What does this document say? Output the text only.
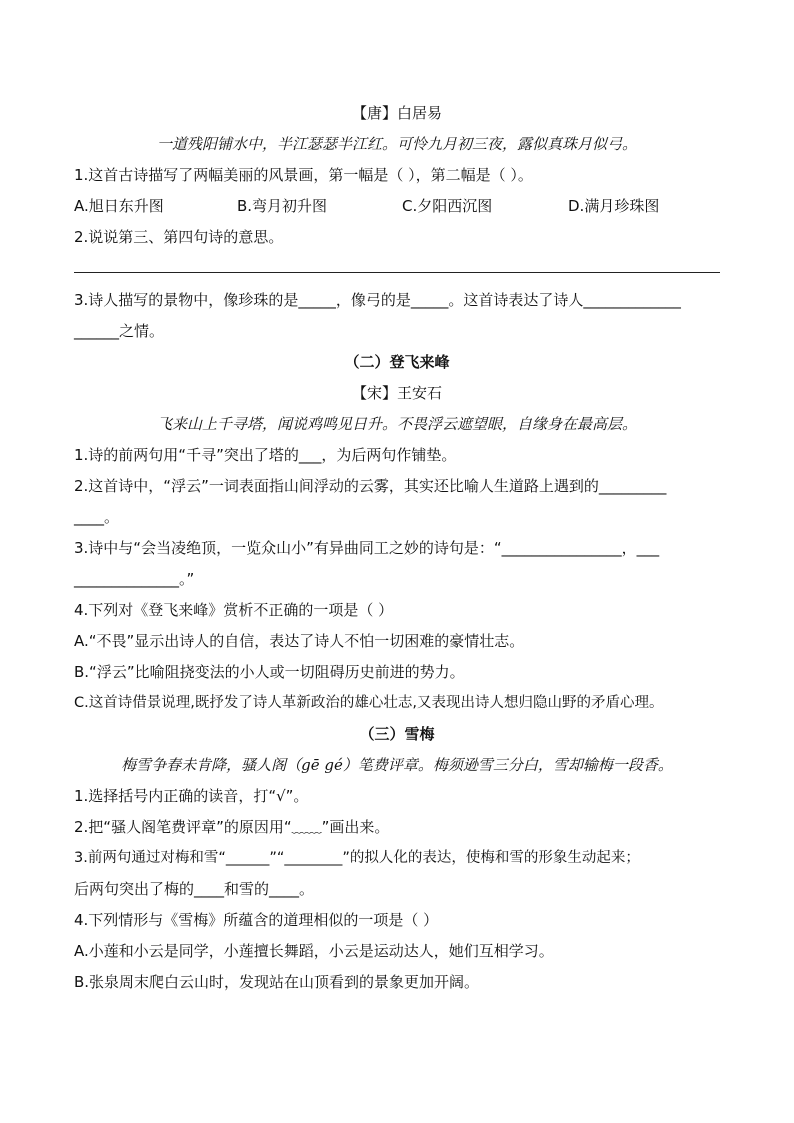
【唐】白居易
一道残阳铺水中，半江瑟瑟半江红。可怜九月初三夜，露似真珠月似弓。
1.这首古诗描写了两幅美丽的风景画，第一幅是（ ），第二幅是（ ）。
A.旭日东升图	B.弯月初升图	C.夕阳西沉图	D.满月珍珠图
2.说说第三、第四句诗的意思。
3.诗人描写的景物中，像珍珠的是_____，像弓的是_____。这首诗表达了诗人_____________
______之情。
（二）登飞来峰
【宋】王安石
飞来山上千寻塔，闻说鸡鸣见日升。不畏浮云遮望眼，自缘身在最高层。
1.诗的前两句用“千寻”突出了塔的___，为后两句作铺垫。
2.这首诗中，“浮云”一词表面指山间浮动的云雾，其实还比喻人生道路上遇到的_________
____。
3.诗中与“会当凌绝顶，一览众山小”有异曲同工之妙的诗句是：“________________，___
______________。”
4.下列对《登飞来峰》赏析不正确的一项是（ ）
A.“不畏”显示出诗人的自信，表达了诗人不怕一切困难的豪情壮志。
B.“浮云”比喻阻挠变法的小人或一切阻碍历史前进的势力。
C.这首诗借景说理,既抒发了诗人革新政治的雄心壮志,又表现出诗人想归隐山野的矛盾心理。
（三）雪梅
梅雪争春未肯降，骚人阁（gē gé）笔费评章。梅须逊雪三分白，雪却输梅一段香。
1.选择括号内正确的读音，打“√”。
2.把“骚人阁笔费评章”的原因用“﹏﹏”画出来。
3.前两句通过对梅和雪“______”“________”的拟人化的表达，使梅和雪的形象生动起来；
后两句突出了梅的____和雪的____。
4.下列情形与《雪梅》所蕴含的道理相似的一项是（ ）
A.小莲和小云是同学，小莲擅长舞蹈，小云是运动达人，她们互相学习。
B.张泉周末爬白云山时，发现站在山顶看到的景象更加开阔。
